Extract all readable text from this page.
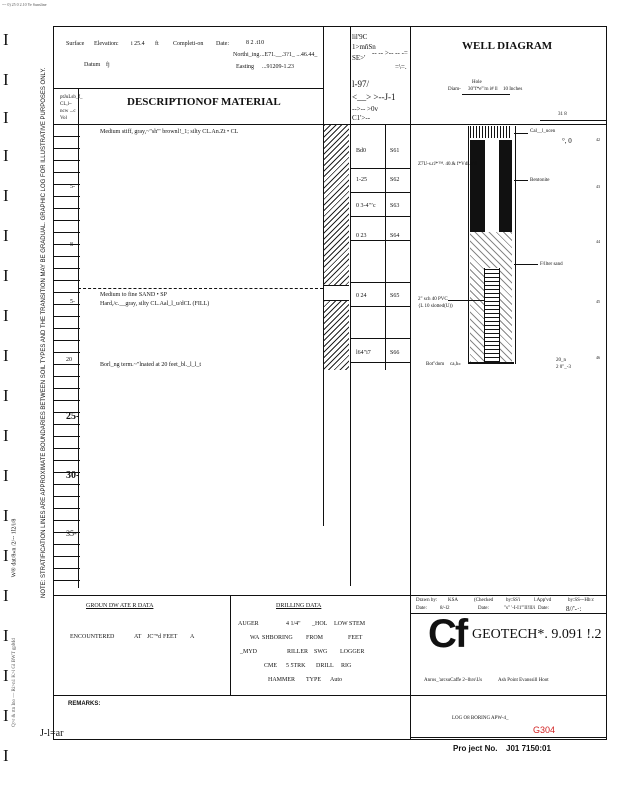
~~ 0) 25 0 2.10 Ye Sunsline
I
I
I
I
I
I
I
I
I
I
I
I
I
I
I
I
I
I
I
Surface Elevation: i 25.4 ft Completi-on Date:	8 2 .t10
Northi_ing ...E71.__.3?1_ ...46.44_
Easting ...91209-1.23
Datum fj
lil'9C
1>mñSn
SE>'
-- -- >-- -- -=
l-97/
<__> >--J-1
-->-- >0v
C1'>--
=\=.
ptJuLsb_f_ CL,l~ ncw ...c Vol
DESCRIPTIONOF MATERIAL
WELL DIAGRAM
Bd0	S61
1-25	S62
0 3-4"’c S63
0 23	S64
0 24	S65
l64"i7	S66
Medium stiff, gray,~"sh'" brownl!_1; silty CL.An.Zt • CL
Medium to fine SAND • SP
Hard,/c.__gray, silty CL.Aal_l_u/dCL (FILL)
Borl_ng term.~"lnated at 20 feet_bl._l_l_t
5-
8-
5-
20
25-
30-
35-
NOTE: STRATIFICATION LINES ARE APPROXIMATE BOUNDARIES BETWEEN SOIL TYPES AND THE TRANSITION MAY BE GRADUAL. GRAPHIC LOG FOR ILLUSTRATIVE PURPOSES ONLY.
W® dat/8»n /2/-- 1l2/i/8
Q>r & rtn Ino — Ri>n1 K>l Gl BWT gpMd
Hole
Diam- 30"f*e"'rn i# ll 10 Inches
31 8
Cal__l_ucen
Z7U-s.rJ*™. 40.& f*Vdl.l!'tf
Bentonite
F/llter sand
2" sch 40 PVC
{L 10 slotted(U))
Bot"dom ca,h»
°, 0	42
43
44
45
46
20_n
2 0"_-3
GROUN DW ATE R DATA
ENCOUNTERED	AT JC"°d FEET A
DRILLING DATA
AUGER	4 1/4" _HOL LOW STEM
WA SHBORING FROM	FEET
_MYD	RILLER SWG LOGGER
CME 5 5TRK DRILL RIG
HAMMER TYPE Auto
Drawn by: KSA	(Checked	by:SS'i	l.App'vd	by:SS-~Hb:c
Date:	8/-l2	Date:	"s" '-I-I1"'II!II/i Date: 8//'-·:
Cf GEOTECH*. 9.091 !.2
Anros_'arcsuCaffe 2~lhrs\Us	Ash Point Evanssill Hoot
LOG O8 BORING APW-4_
G304
Pro ject No. J01 7150:01
REMARKS:
J-l=ar
